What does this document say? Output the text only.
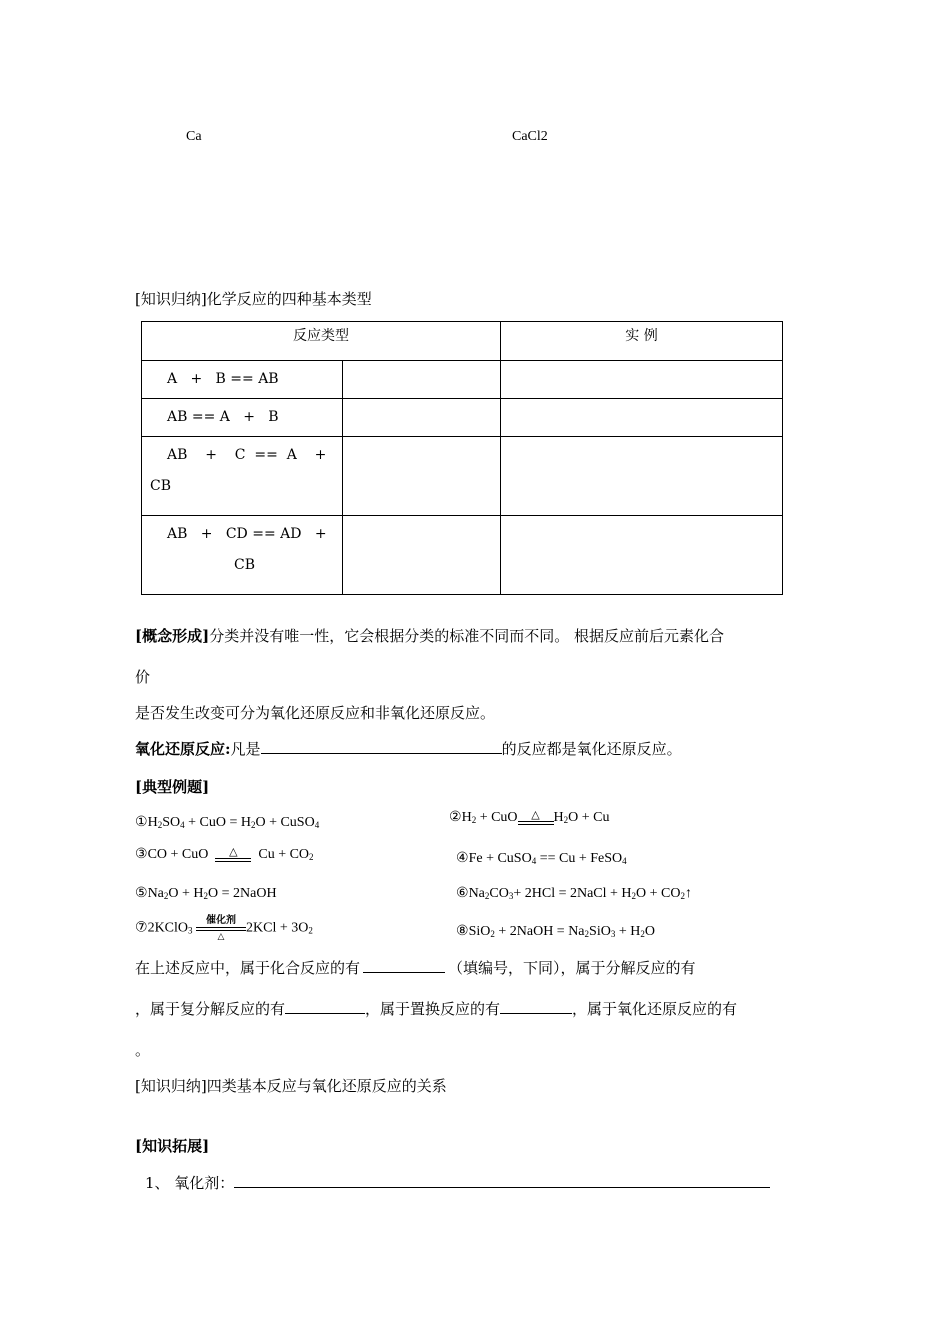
Ca	CaCl2
[知识归纳]化学反应的四种基本类型
反应类型		实 例

A   +   B == AB		

AB == A   +   B		

AB    +    C  ==  A    +
CB		

AB   +   CD == AD   +
CB		

[概念形成]分类并没有唯一性，它会根据分类的标准不同而不同。 根据反应前后元素化合
价
是否发生改变可分为氧化还原反应和非氧化还原反应。
氧化还原反应:凡是	的反应都是氧化还原反应。
[典型例题]
$①H_2SO_4$ + CuO = $H_2O$ + CuSO$_4$	$②H_2$ + CuO	△ $H_2O + Cu$
③CO + CuO	△	$Cu + CO_2$	④Fe + CuSO$_4$ == Cu + FeSO$_4$
$⑤Na_2O + H_2O$ = 2NaOH	$⑥Na_2CO_3+ 2HCl$ = 2NaCl + $H_2O$ + $CO_2↑$
⑦2KClO$_3$
催化剂
△
$2KCl + 3O_2$	⑧SiO$_2$ + 2NaOH = $Na_2SiO_3 + H_2O$
在上述反应中，属于化合反应的有	（填编号，下同），属于分解反应的有
，属于复分解反应的有	，属于置换反应的有	，属于氧化还原反应的有
。
[知识归纳]四类基本反应与氧化还原反应的关系
[知识拓展]
1、 氧化剂：
